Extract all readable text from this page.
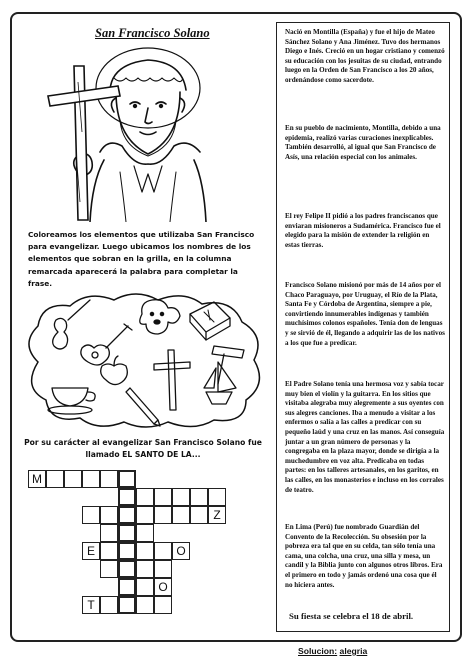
San Francisco Solano
Coloreamos los elementos que utilizaba San Francisco para evangelizar. Luego ubicamos los nombres de los elementos que sobran en la grilla, en la columna remarcada aparecerá la palabra para completar la frase.
Por su carácter al evangelizar San Francisco Solano fue llamado EL SANTO DE LA...
M
Z
E	O
O
T
Nació en Montilla (España) y fue el hijo de Mateo Sánchez Solano y Ana Jiménez. Tuvo dos hermanos Diego e Inés. Creció en un hogar cristiano y comenzó su educación con los jesuitas de su ciudad, entrando luego en la Orden de San Francisco a los 20 años, ordenándose como sacerdote.
En su pueblo de nacimiento, Montilla, debido a una epidemia, realizó varias curaciones inexplicables. También desarrolló, al igual que San Francisco de Asís, una relación especial con los animales.
El rey Felipe II pidió a los padres franciscanos que enviaran misioneros a Sudamérica. Francisco fue el elegido para la misión de extender la religión en estas tierras.
Francisco Solano misionó por más de 14 años por el Chaco Paraguayo, por Uruguay, el Río de la Plata, Santa Fe y Córdoba de Argentina, siempre a pie, convirtiendo innumerables indígenas y también muchísimos colonos españoles. Tenía don de lenguas y se sirvió de él, llegando a adquirir las de los nativos a los que fue a predicar.
El Padre Solano tenía una hermosa voz y sabía tocar muy bien el violín y la guitarra. En los sitios que visitaba alegraba muy alegremente a sus oyentes con sus alegres canciones. Iba a menudo a visitar a los enfermos o salía a las calles a predicar con su pequeño laúd y una cruz en las manos. Así conseguía juntar a un gran número de personas y la congregaba en la plaza mayor, donde se dirigía a la muchedumbre en voz alta. Predicaba en todas partes: en los talleres artesanales, en los garitos, en las calles, en los monasterios e incluso en los corrales de teatro.
En Lima (Perú) fue nombrado Guardián del Convento de la Recolección. Su obsesión por la pobreza era tal que en su celda, tan sólo tenía una cama, una colcha, una cruz, una silla y mesa, un candil y la Biblia junto con algunos otros libros. Era el primero en todo y jamás ordenó una cosa que él no hiciera antes.
Su fiesta se celebra el 18 de abril.
Solucion: alegria
